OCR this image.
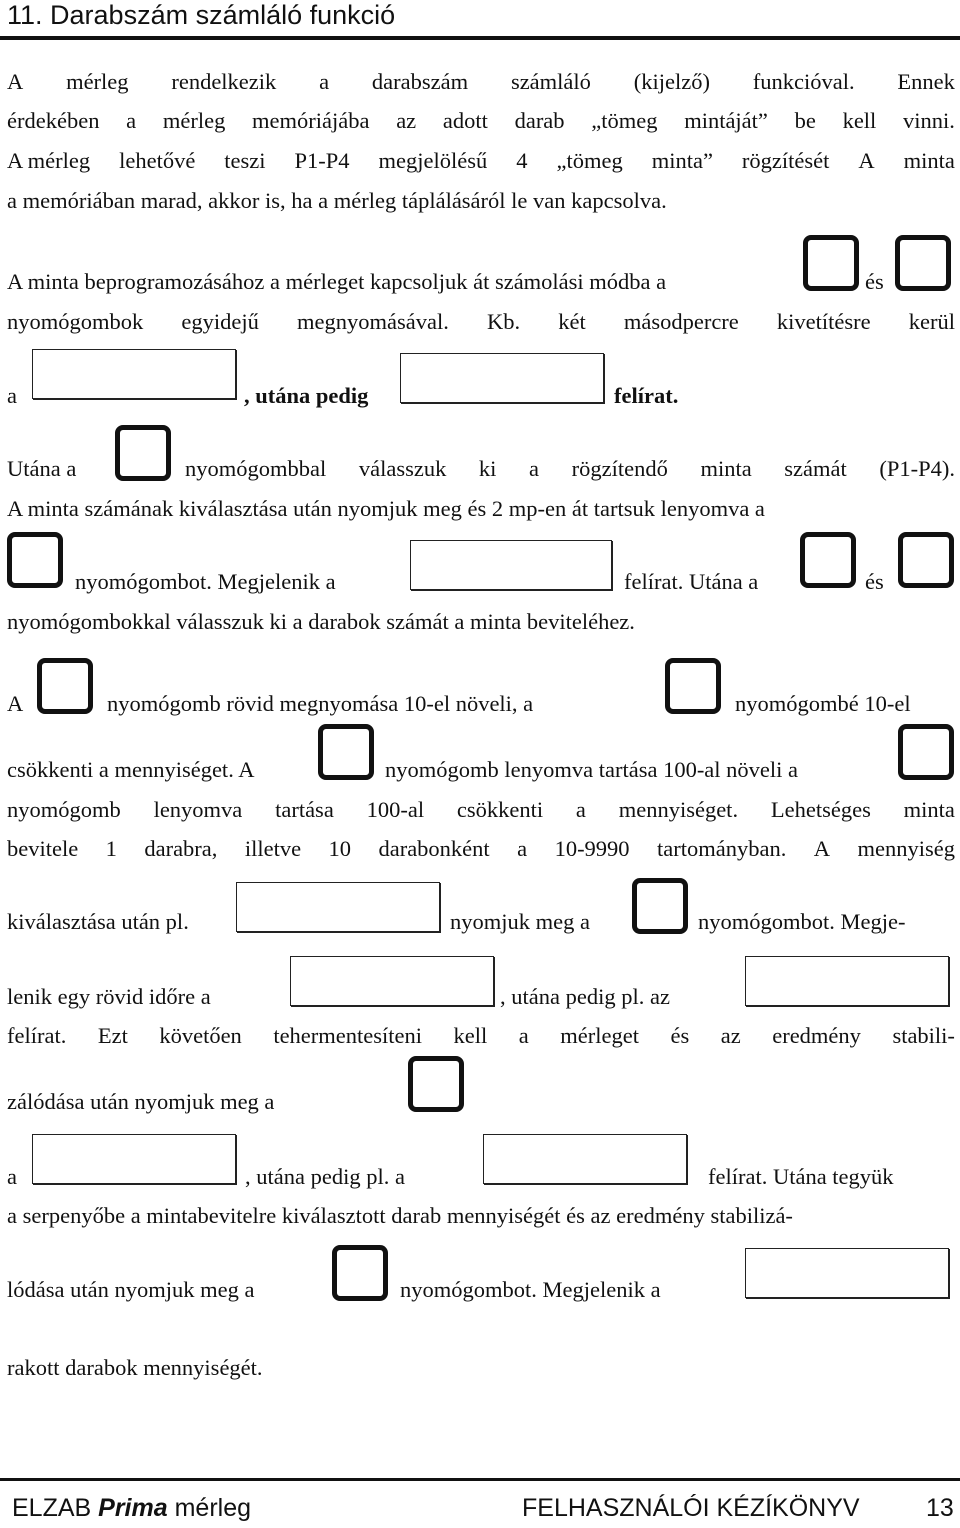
11. Darabszám számláló funkció
A mérleg rendelkezik a darabszám számláló (kijelző) funkcióval. Ennek
érdekében a mérleg memóriájába az adott darab „tömeg mintáját” be kell vinni.
A mérleg lehetővé teszi P1-P4 megjelölésű 4 „tömeg minta” rögzítését A minta
a memóriában marad, akkor is, ha a mérleg táplálásáról le van kapcsolva.
A minta beprogramozásához a mérleget kapcsoljuk át számolási módba a	és
nyomógombok egyidejű megnyomásával. Kb. két másodpercre kivetítésre kerül
a	, utána pedig	felírat.
Utána a	nyomógombbal válasszuk ki a rögzítendő minta számát (P1-P4).
A minta számának kiválasztása után nyomjuk meg és 2 mp-en át tartsuk lenyomva a
nyomógombot. Megjelenik a	felírat. Utána a	és
nyomógombokkal válasszuk ki a darabok számát a minta beviteléhez.
A	nyomógomb rövid megnyomása 10-el növeli, a	nyomógombé 10-el
csökkenti a mennyiséget. A	nyomógomb lenyomva tartása 100-al növeli a
nyomógomb lenyomva tartása 100-al csökkenti a mennyiséget. Lehetséges minta
bevitele 1 darabra, illetve 10 darabonként a 10-9990 tartományban. A mennyiség
kiválasztása után pl.	nyomjuk meg a	nyomógombot. Megje-
lenik egy rövid időre a	, utána pedig pl. az
felírat. Ezt követően tehermentesíteni kell a mérleget és az eredmény stabili-
zálódása után nyomjuk meg a
a	, utána pedig pl. a	felírat. Utána tegyük
a serpenyőbe a mintabevitelre kiválasztott darab mennyiségét és az eredmény stabilizá-
lódása után nyomjuk meg a	nyomógombot. Megjelenik a
rakott darabok mennyiségét.
ELZAB Prima mérleg	FELHASZNÁLÓI KÉZÍKÖNYV	13
